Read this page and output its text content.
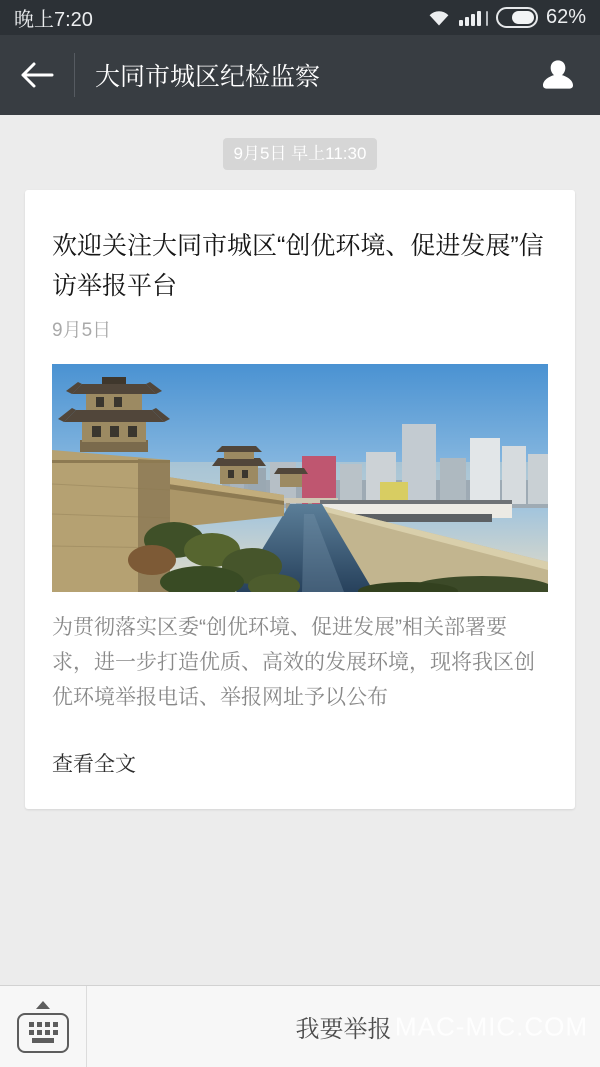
晚上7:20	62%
大同市城区纪检监察
9月5日 早上11:30
欢迎关注大同市城区“创优环境、促进发展”信访举报平台
9月5日
为贯彻落实区委“创优环境、促进发展”相关部署要求，进一步打造优质、高效的发展环境，现将我区创优环境举报电话、举报网址予以公布
查看全文
我要举报 MAC-MIC.COM
